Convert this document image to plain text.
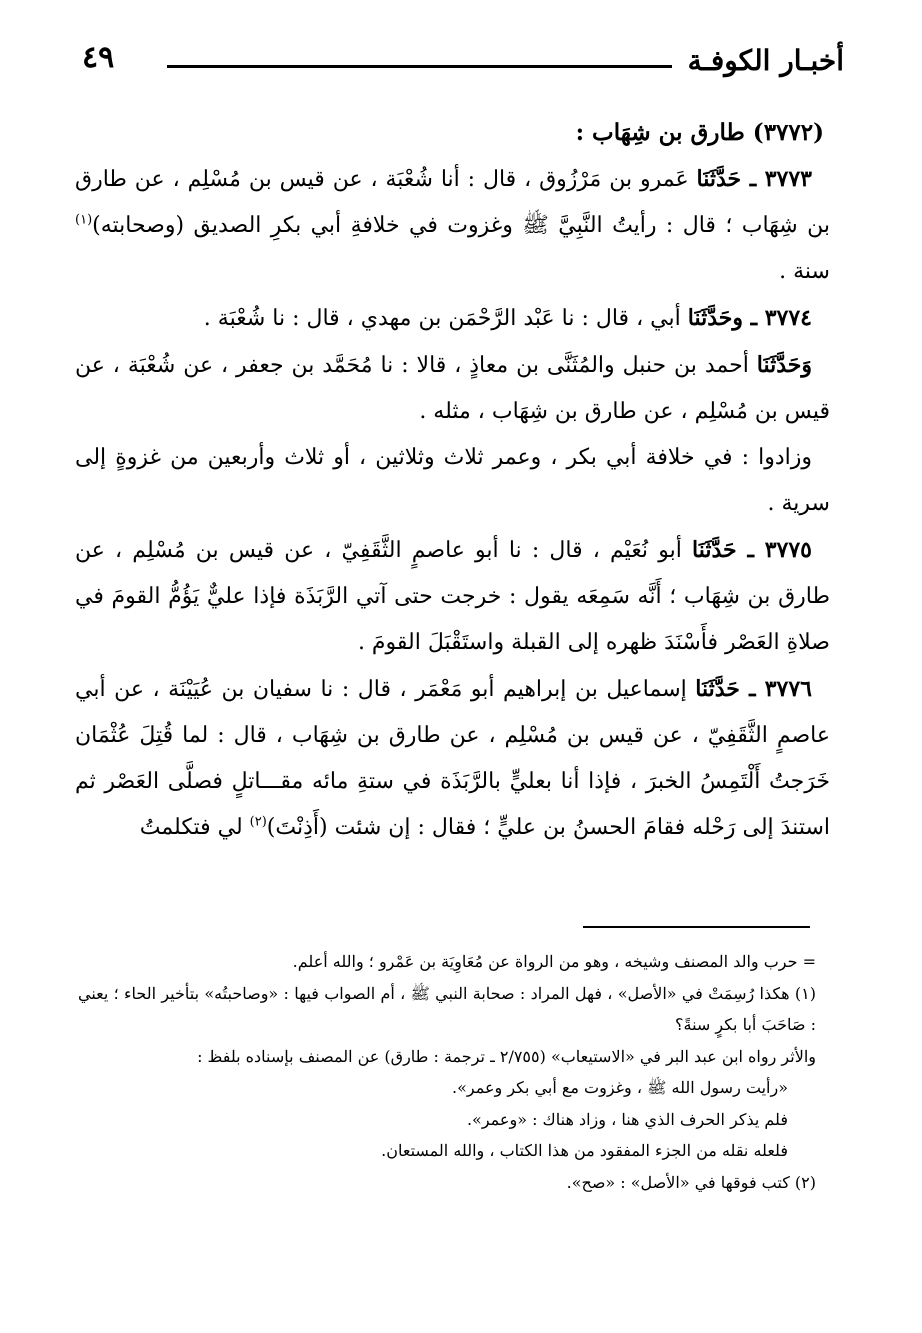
أخبـار الكوفـة
٤٩
(٣٧٧٢) طارق بن شِهَاب :

٣٧٧٣ ـ حَدَّثَنَا عَمرو بن مَرْزُوق ، قال : أنا شُعْبَة ، عن قيس بن مُسْلِم ، عن طارق بن شِهَاب ؛ قال : رأيتُ النَّبِيَّ ﷺ وغزوت في خلافةِ أبي بكرِ الصديق (وصحابته)$^{(١)}$ سنة .

٣٧٧٤ ـ وحَدَّثَنَا أبي ، قال : نا عَبْد الرَّحْمَن بن مهدي ، قال : نا شُعْبَة .

وَحَدَّثَنَا أحمد بن حنبل والمُثَنَّى بن معاذٍ ، قالا : نا مُحَمَّد بن جعفر ، عن شُعْبَة ، عن قيس بن مُسْلِم ، عن طارق بن شِهَاب ، مثله .

وزادوا : في خلافة أبي بكر ، وعمر ثلاث وثلاثين ، أو ثلاث وأربعين من غزوةٍ إلى سرية .

٣٧٧٥ ـ حَدَّثَنَا أبو نُعَيْم ، قال : نا أبو عاصمٍ الثَّقَفِيّ ، عن قيس بن مُسْلِم ، عن طارق بن شِهَاب ؛ أَنَّه سَمِعَه يقول : خرجت حتى آتي الرَّبَذَة فإذا عليٌّ يَؤُمُّ القومَ في صلاةِ العَصْر فأَسْنَدَ ظهره إلى القبلة واستَقْبَلَ القومَ .

٣٧٧٦ ـ حَدَّثَنَا إسماعيل بن إبراهيم أبو مَعْمَر ، قال : نا سفيان بن عُيَيْنَة ، عن أبي عاصمٍ الثَّقَفِيّ ، عن قيس بن مُسْلِم ، عن طارق بن شِهَاب ، قال : لما قُتِلَ عُثْمَان خَرَجتُ أَلْتَمِسُ الخبرَ ، فإذا أنا بعليٍّ بالرَّبَذَة في ستةِ مائه مقـــاتلٍ فصلَّى العَصْر ثم استندَ إلى رَحْله فقامَ الحسنُ بن عليٍّ ؛ فقال : إن شئت (أَذِنْتَ)$^{(٢)}$ لي فتكلمتُ

= حرب والد المصنف وشيخه ، وهو من الرواة عن مُعَاوِيَة بن عَمْرو ؛ والله أعلم.

(١) هكذا رُسِمَتْ في «الأصل» ، فهل المراد : صحابة النبي ﷺ ، أم الصواب فيها : «وصاحبتُه» بتأخير الحاء ؛ يعني : صَاحَبَ أبا بكرٍ سنةً؟

والأثر رواه ابن عبد البر في «الاستيعاب» (٢/٧٥٥ ـ ترجمة : طارق) عن المصنف بإسناده بلفظ :

«رأيت رسول الله ﷺ ، وغزوت مع أبي بكر وعمر».

فلم يذكر الحرف الذي هنا ، وزاد هناك : «وعمر».

فلعله نقله من الجزء المفقود من هذا الكتاب ، والله المستعان.

(٢) كتب فوقها في «الأصل» : «صح».
